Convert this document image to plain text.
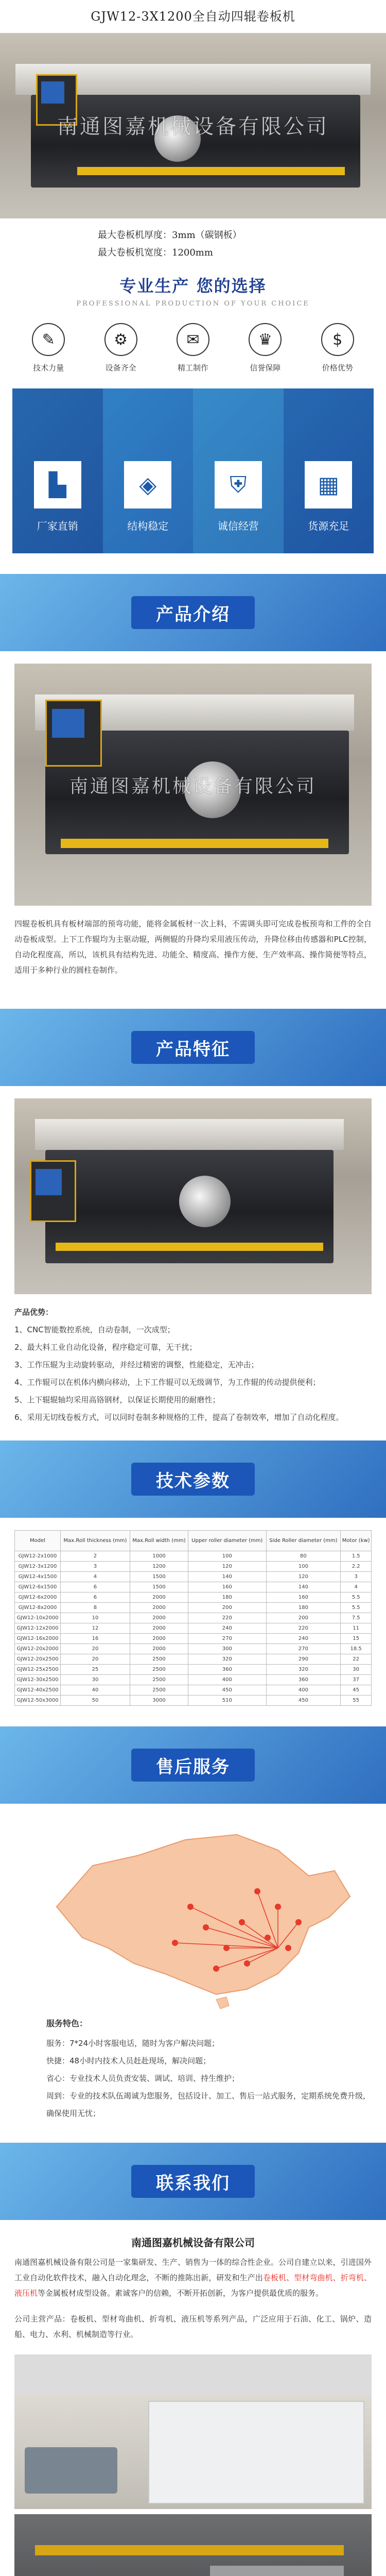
GJW12-3X1200全自动四辊卷板机
南通图嘉机械设备有限公司
最大卷板机厚度：3mm（碳钢板）
最大卷板机宽度：1200mm
专业生产 您的选择
PROFESSIONAL PRODUCTION OF YOUR CHOICE
✎
技术力量
⚙
设备齐全
✉
精工制作
♛
信誉保障
$
价格优势
▙
厂家直销
◈
结构稳定
⛨
诚信经营
▦
货源充足
产品介绍
南通图嘉机械设备有限公司
四辊卷板机具有板材端部的预弯功能，能将金属板材一次上料，不需调头即可完成卷板预弯和工件的全自动卷板成型。上下工作辊均为主驱动辊，两侧辊的升降均采用液压传动，升降位移由传感器和PLC控制，自动化程度高，所以，该机具有结构先进、功能全、精度高、操作方便、生产效率高、操作简便等特点，适用于多种行业的圆柱卷制作。
产品特征
产品优势：
1、CNC智能数控系统，自动卷制，一次成型；
2、最大料工业自动化设备，程序稳定可靠，无干扰；
3、工作压辊为主动旋转驱动，并经过精密的调整，性能稳定，无冲击；
4、工作辊可以在机体内横向移动，上下工作辊可以无级调节，为工作辊的传动提供便利；
5、上下辊辊轴均采用高铬钢材，以保证长期使用的耐磨性；
6、采用无切线卷板方式，可以同时卷制多种规格的工件，提高了卷制效率，增加了自动化程度。
技术参数
Model	Max.Roll thickness (mm)	Max.Roll width (mm)	Upper roller diameter (mm)	Side Roller diameter (mm)	Motor (kw)
GJW12-2x1000	2	1000	100	80	1.5
GJW12-3x1200	3	1200	120	100	2.2
GJW12-4x1500	4	1500	140	120	3
GJW12-6x1500	6	1500	160	140	4
GJW12-6x2000	6	2000	180	160	5.5
GJW12-8x2000	8	2000	200	180	5.5
GJW12-10x2000	10	2000	220	200	7.5
GJW12-12x2000	12	2000	240	220	11
GJW12-16x2000	16	2000	270	240	15
GJW12-20x2000	20	2000	300	270	18.5
GJW12-20x2500	20	2500	320	290	22
GJW12-25x2500	25	2500	360	320	30
GJW12-30x2500	30	2500	400	360	37
GJW12-40x2500	40	2500	450	400	45
GJW12-50x3000	50	3000	510	450	55
售后服务
服务特色：
服务：7*24小时客服电话，随时为客户解决问题；
快捷：48小时内技术人员赶赴现场，解决问题；
省心：专业技术人员负责安装、调试、培训、持生维护；
周到：专业的技术队伍竭诚为您服务，包括设计、加工、售后一站式服务，定期系统免费升级，确保使用无忧；
联系我们
南通图嘉机械设备有限公司
南通图嘉机械设备有限公司是一家集研发、生产、销售为一体的综合性企业。公司自建立以来，引进国外工业自动化软件技术，融入自动化理念，不断的推陈出新，研发和生产出卷板机、型材弯曲机、折弯机、液压机等金属板材成型设备。素诚客户的信赖，不断开拓创新，为客户提供最优质的服务。
公司主营产品：卷板机、型材弯曲机、折弯机、液压机等系列产品，广泛应用于石油、化工、锅炉、造船、电力、水利、机械制造等行业。
